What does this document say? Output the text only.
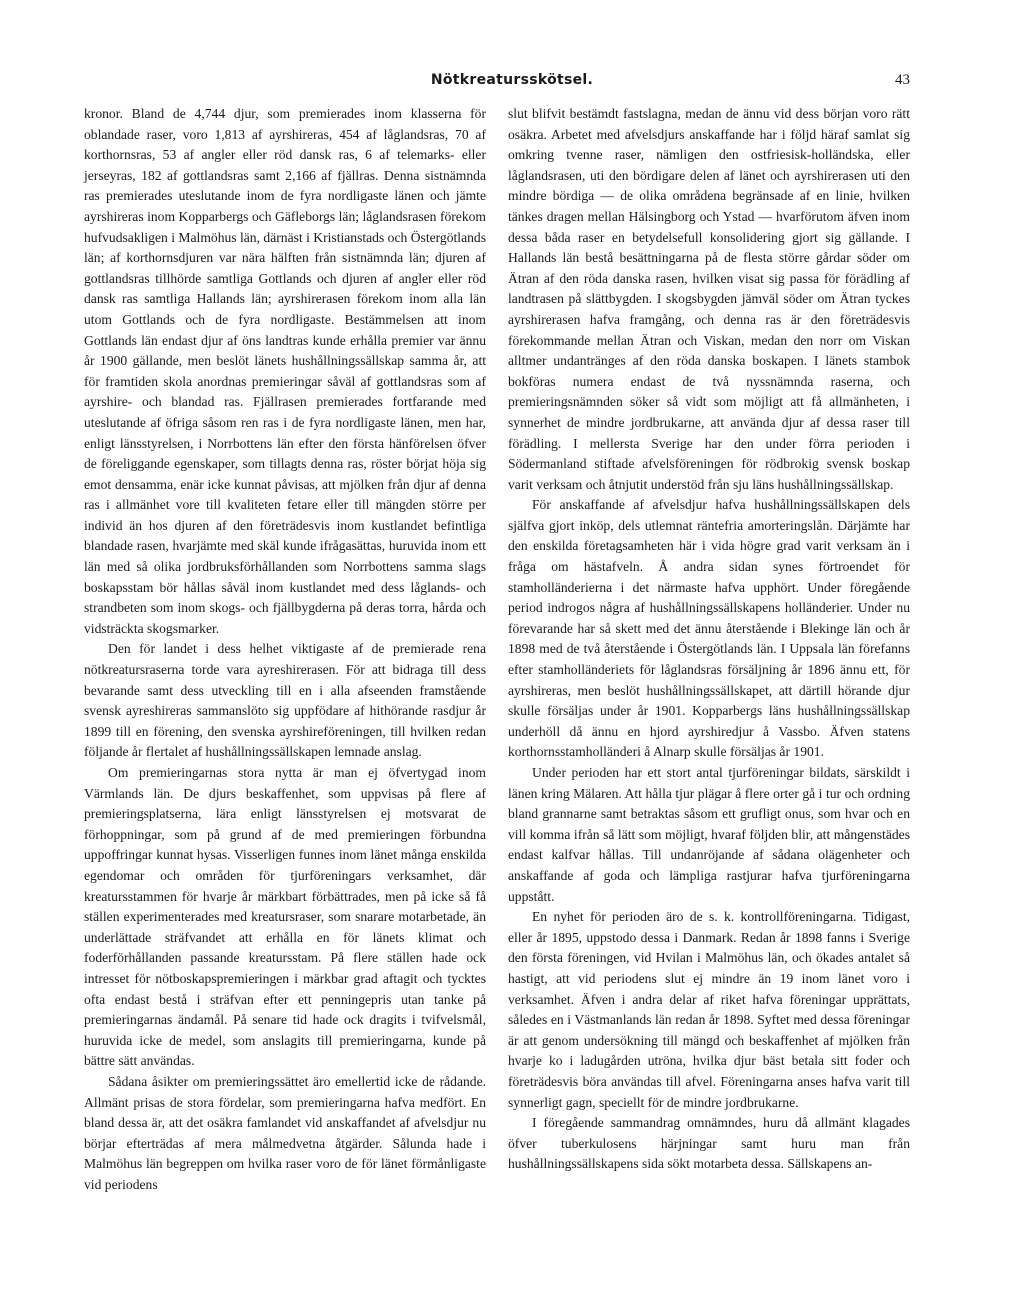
Nötkreatursskötsel.	43

kronor. Bland de 4,744 djur, som premierades inom klasserna för oblandade raser, voro 1,813 af ayrshireras, 454 af låglandsras, 70 af korthornsras, 53 af angler eller röd dansk ras, 6 af telemarks- eller jerseyras, 182 af gottlandsras samt 2,166 af fjällras. Denna sistnämnda ras premierades uteslutande inom de fyra nordligaste länen och jämte ayrshireras inom Kopparbergs och Gäfleborgs län; låglandsrasen förekom hufvudsakligen i Malmöhus län, därnäst i Kristianstads och Östergötlands län; af korthornsdjuren var nära hälften från sistnämnda län; djuren af gottlandsras tillhörde samtliga Gottlands och djuren af angler eller röd dansk ras samtliga Hallands län; ayrshirerasen förekom inom alla län utom Gottlands och de fyra nordligaste. Bestämmelsen att inom Gottlands län endast djur af öns landtras kunde erhålla premier var ännu år 1900 gällande, men beslöt länets hushållningssällskap samma år, att för framtiden skola anordnas premieringar såväl af gottlandsras som af ayrshire- och blandad ras. Fjällrasen premierades fortfarande med uteslutande af öfriga såsom ren ras i de fyra nordligaste länen, men har, enligt länsstyrelsen, i Norrbottens län efter den första hänförelsen öfver de föreliggande egenskaper, som tillagts denna ras, röster börjat höja sig emot densamma, enär icke kunnat påvisas, att mjölken från djur af denna ras i allmänhet vore till kvaliteten fetare eller till mängden större per individ än hos djuren af den företrädesvis inom kustlandet befintliga blandade rasen, hvarjämte med skäl kunde ifrågasättas, huruvida inom ett län med så olika jordbruksförhållanden som Norrbottens samma slags boskapsstam bör hållas såväl inom kustlandet med dess låglands- och strandbeten som inom skogs- och fjällbygderna på deras torra, hårda och vidsträckta skogsmarker.

Den för landet i dess helhet viktigaste af de premierade rena nötkreatursraserna torde vara ayreshirerasen. För att bidraga till dess bevarande samt dess utveckling till en i alla afseenden framstående svensk ayreshireras sammanslöto sig uppfödare af hithörande rasdjur år 1899 till en förening, den svenska ayrshireföreningen, till hvilken redan följande år flertalet af hushållningssällskapen lemnade anslag.

Om premieringarnas stora nytta är man ej öfvertygad inom Värmlands län. De djurs beskaffenhet, som uppvisas på flere af premieringsplatserna, lära enligt länsstyrelsen ej motsvarat de förhoppningar, som på grund af de med premieringen förbundna uppoffringar kunnat hysas. Visserligen funnes inom länet många enskilda egendomar och områden för tjurföreningars verksamhet, där kreatursstammen för hvarje år märkbart förbättrades, men på icke så få ställen experimenterades med kreatursraser, som snarare motarbetade, än underlättade sträfvandet att erhålla en för länets klimat och foderförhållanden passande kreatursstam. På flere ställen hade ock intresset för nötboskapspremieringen i märkbar grad aftagit och tycktes ofta endast bestå i sträfvan efter ett penningepris utan tanke på premieringarnas ändamål. På senare tid hade ock dragits i tvifvelsmål, huruvida icke de medel, som anslagits till premieringarna, kunde på bättre sätt användas.

Sådana åsikter om premieringssättet äro emellertid icke de rådande. Allmänt prisas de stora fördelar, som premieringarna hafva medfört. En bland dessa är, att det osäkra famlandet vid anskaffandet af afvelsdjur nu börjar efterträdas af mera målmedvetna åtgärder. Sålunda hade i Malmöhus län begreppen om hvilka raser voro de för länet förmånligaste vid periodens

slut blifvit bestämdt fastslagna, medan de ännu vid dess början voro rätt osäkra. Arbetet med afvelsdjurs anskaffande har i följd häraf samlat sig omkring tvenne raser, nämligen den ostfriesisk-holländska, eller låglandsrasen, uti den bördigare delen af länet och ayrshirerasen uti den mindre bördiga — de olika områdena begränsade af en linie, hvilken tänkes dragen mellan Hälsingborg och Ystad — hvarförutom äfven inom dessa båda raser en betydelsefull konsolidering gjort sig gällande. I Hallands län bestå besättningarna på de flesta större gårdar söder om Ätran af den röda danska rasen, hvilken visat sig passa för förädling af landtrasen på slättbygden. I skogsbygden jämväl söder om Ätran tyckes ayrshirerasen hafva framgång, och denna ras är den företrädesvis förekommande mellan Ätran och Viskan, medan den norr om Viskan alltmer undantränges af den röda danska boskapen. I länets stambok bokföras numera endast de två nyssnämnda raserna, och premieringsnämnden söker så vidt som möjligt att få allmänheten, i synnerhet de mindre jordbrukarne, att använda djur af dessa raser till förädling. I mellersta Sverige har den under förra perioden i Södermanland stiftade afvelsföreningen för rödbrokig svensk boskap varit verksam och åtnjutit understöd från sju läns hushållningssällskap.

För anskaffande af afvelsdjur hafva hushållningssällskapen dels själfva gjort inköp, dels utlemnat räntefria amorteringslån. Därjämte har den enskilda företagsamheten här i vida högre grad varit verksam än i fråga om hästafveln. Å andra sidan synes förtroendet för stamholländerierna i det närmaste hafva upphört. Under föregående period indrogos några af hushållningssällskapens holländerier. Under nu förevarande har så skett med det ännu återstående i Blekinge län och år 1898 med de två återstående i Östergötlands län. I Uppsala län förefanns efter stamholländeriets för låglandsras försäljning år 1896 ännu ett, för ayrshireras, men beslöt hushållningssällskapet, att därtill hörande djur skulle försäljas under år 1901. Kopparbergs läns hushållningssällskap underhöll då ännu en hjord ayrshiredjur å Vassbo. Äfven statens korthornsstamholländeri å Alnarp skulle försäljas år 1901.

Under perioden har ett stort antal tjurföreningar bildats, särskildt i länen kring Mälaren. Att hålla tjur plägar å flere orter gå i tur och ordning bland grannarne samt betraktas såsom ett grufligt onus, som hvar och en vill komma ifrån så lätt som möjligt, hvaraf följden blir, att mångenstädes endast kalfvar hållas. Till undanröjande af sådana olägenheter och anskaffande af goda och lämpliga rastjurar hafva tjurföreningarna uppstått.

En nyhet för perioden äro de s. k. kontrollföreningarna. Tidigast, eller år 1895, uppstodo dessa i Danmark. Redan år 1898 fanns i Sverige den första föreningen, vid Hvilan i Malmöhus län, och ökades antalet så hastigt, att vid periodens slut ej mindre än 19 inom länet voro i verksamhet. Äfven i andra delar af riket hafva föreningar upprättats, således en i Västmanlands län redan år 1898. Syftet med dessa föreningar är att genom undersökning till mängd och beskaffenhet af mjölken från hvarje ko i ladugården utröna, hvilka djur bäst betala sitt foder och företrädesvis böra användas till afvel. Föreningarna anses hafva varit till synnerligt gagn, speciellt för de mindre jordbrukarne.

I föregående sammandrag omnämndes, huru då allmänt klagades öfver tuberkulosens härjningar samt huru man från hushållningssällskapens sida sökt motarbeta dessa. Sällskapens an-
